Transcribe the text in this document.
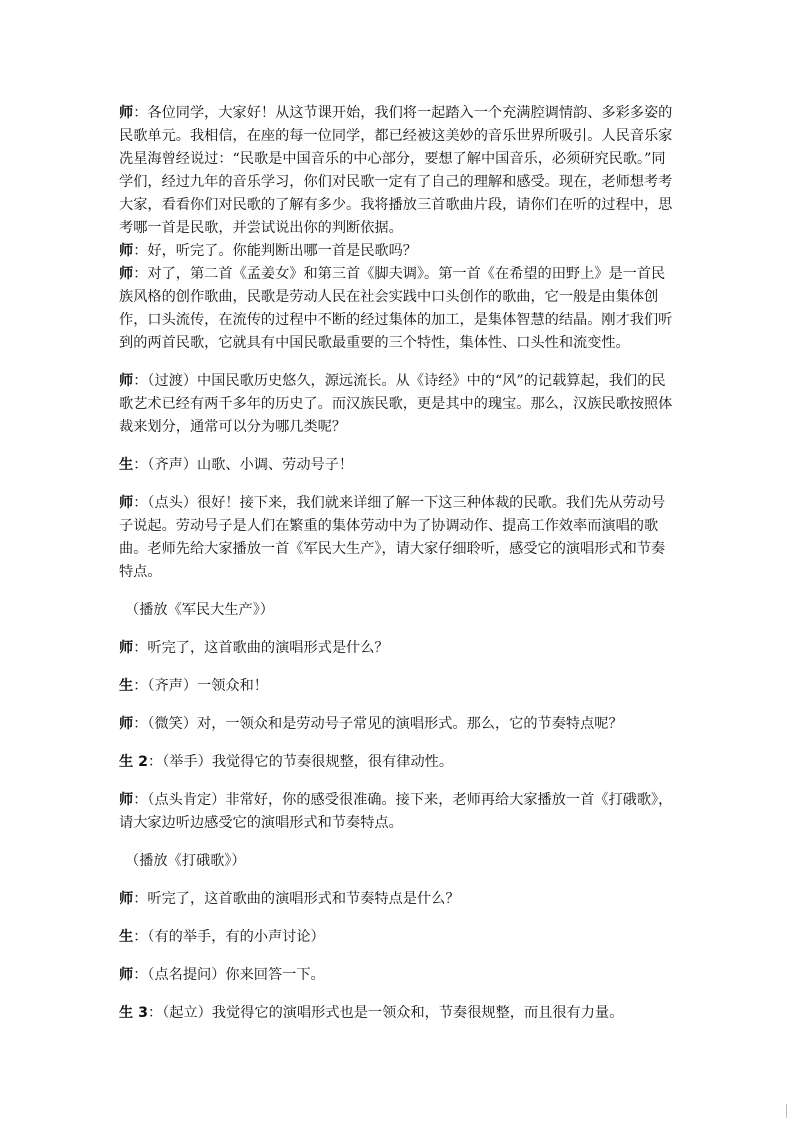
师：各位同学，大家好！从这节课开始，我们将一起踏入一个充满腔调情韵、多彩多姿的民歌单元。我相信，在座的每一位同学，都已经被这美妙的音乐世界所吸引。人民音乐家冼星海曾经说过：“民歌是中国音乐的中心部分，要想了解中国音乐，必须研究民歌。”同学们，经过九年的音乐学习，你们对民歌一定有了自己的理解和感受。现在，老师想考考大家，看看你们对民歌的了解有多少。我将播放三首歌曲片段，请你们在听的过程中，思考哪一首是民歌，并尝试说出你的判断依据。

师：好，听完了。你能判断出哪一首是民歌吗？

师：对了，第二首《孟姜女》和第三首《脚夫调》。第一首《在希望的田野上》是一首民族风格的创作歌曲，民歌是劳动人民在社会实践中口头创作的歌曲，它一般是由集体创作，口头流传，在流传的过程中不断的经过集体的加工，是集体智慧的结晶。刚才我们听到的两首民歌，它就具有中国民歌最重要的三个特性，集体性、口头性和流变性。

师：（过渡）中国民歌历史悠久，源远流长。从《诗经》中的“风”的记载算起，我们的民歌艺术已经有两千多年的历史了。而汉族民歌，更是其中的瑰宝。那么，汉族民歌按照体裁来划分，通常可以分为哪几类呢？

生：（齐声）山歌、小调、劳动号子！

师：（点头）很好！接下来，我们就来详细了解一下这三种体裁的民歌。我们先从劳动号子说起。劳动号子是人们在繁重的集体劳动中为了协调动作、提高工作效率而演唱的歌曲。老师先给大家播放一首《军民大生产》，请大家仔细聆听，感受它的演唱形式和节奏特点。

（播放《军民大生产》）

师：听完了，这首歌曲的演唱形式是什么？

生：（齐声）一领众和！

师：（微笑）对，一领众和是劳动号子常见的演唱形式。那么，它的节奏特点呢？

生 2：（举手）我觉得它的节奏很规整，很有律动性。

师：（点头肯定）非常好，你的感受很准确。接下来，老师再给大家播放一首《打硪歌》，请大家边听边感受它的演唱形式和节奏特点。

（播放《打硪歌》）

师：听完了，这首歌曲的演唱形式和节奏特点是什么？

生：（有的举手，有的小声讨论）

师：（点名提问）你来回答一下。

生 3：（起立）我觉得它的演唱形式也是一领众和，节奏很规整，而且很有力量。
